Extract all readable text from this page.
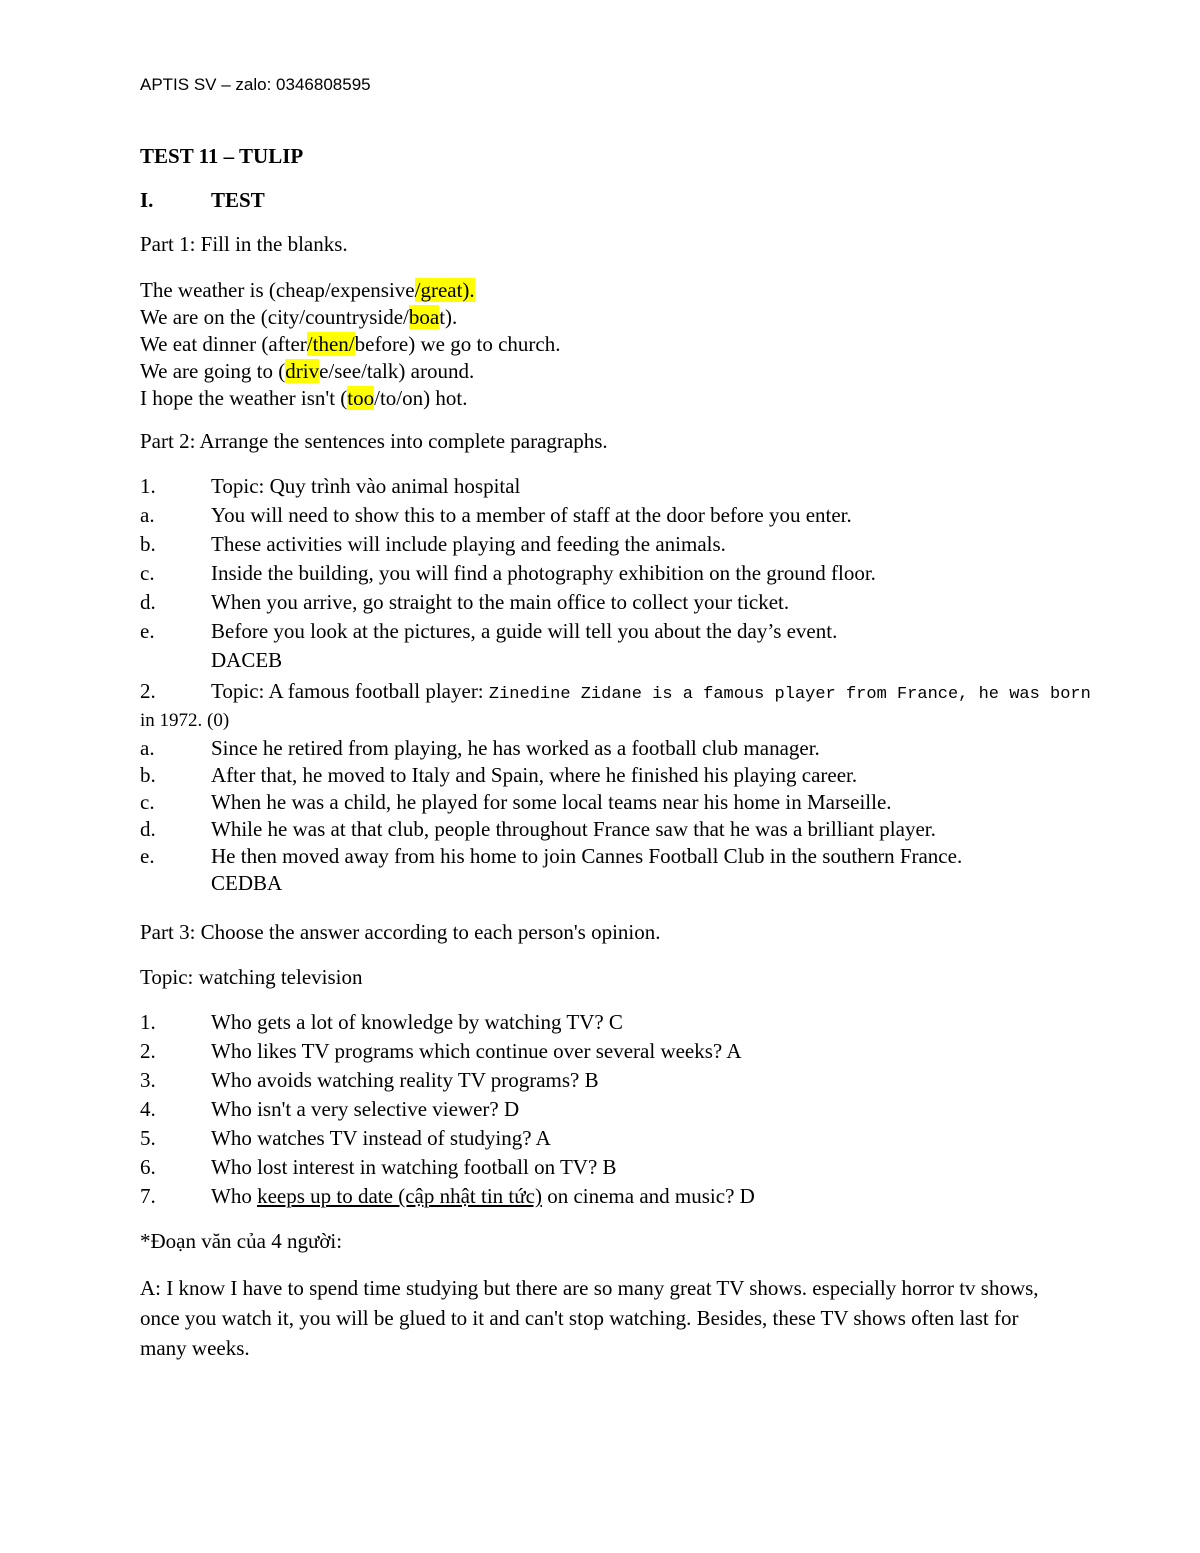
APTIS SV – zalo: 0346808595
TEST 11 – TULIP
I.	TEST
Part 1: Fill in the blanks.
The weather is (cheap/expensive/great).
We are on the (city/countryside/boat).
We eat dinner (after/then/before) we go to church.
We are going to (drive/see/talk) around.
I hope the weather isn't (too/to/on) hot.
Part 2: Arrange the sentences into complete paragraphs.
1.	Topic: Quy trình vào animal hospital
a.	You will need to show this to a member of staff at the door before you enter.
b.	These activities will include playing and feeding the animals.
c.	Inside the building, you will find a photography exhibition on the ground floor.
d.	When you arrive, go straight to the main office to collect your ticket.
e.	Before you look at the pictures, a guide will tell you about the day’s event.
DACEB
2.	Topic: A famous football player: Zinedine Zidane is a famous player from France, he was born
in 1972. (0)
a.	Since he retired from playing, he has worked as a football club manager.
b.	After that, he moved to Italy and Spain, where he finished his playing career.
c.	When he was a child, he played for some local teams near his home in Marseille.
d.	While he was at that club, people throughout France saw that he was a brilliant player.
e.	He then moved away from his home to join Cannes Football Club in the southern France.
CEDBA
Part 3: Choose the answer according to each person's opinion.
Topic: watching television
1.	Who gets a lot of knowledge by watching TV? C
2.	Who likes TV programs which continue over several weeks? A
3.	Who avoids watching reality TV programs? B
4.	Who isn't a very selective viewer? D
5.	Who watches TV instead of studying? A
6.	Who lost interest in watching football on TV? B
7.	Who keeps up to date (cập nhật tin tức) on cinema and music? D
*Đoạn văn của 4 người:
A: I know I have to spend time studying but there are so many great TV shows. especially horror tv shows, once you watch it, you will be glued to it and can't stop watching. Besides, these TV shows often last for many weeks.
